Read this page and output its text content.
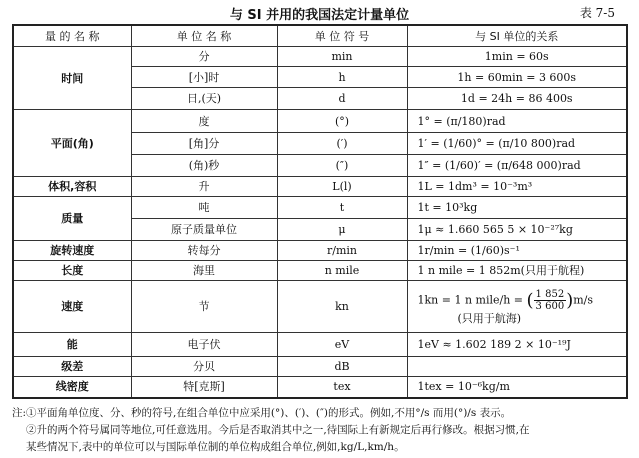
与 SI 并用的我国法定计量单位	表 7-5
量 的 名 称	单 位 名 称	单 位 符 号	与 SI 单位的关系
时间	分	min	1min = 60s
	[小]时	h	1h = 60min = 3 600s
	日,(天)	d	1d = 24h = 86 400s
平面(角)	度	(°)	1° = (π/180)rad
	[角]分	(′)	1′ = (1/60)° = (π/10 800)rad
	(角)秒	(″)	1″ = (1/60)′ = (π/648 000)rad
体积,容积	升	L(l)	1L = 1dm³ = 10⁻³m³
质量	吨	t	1t = 10³kg
	原子质量单位	μ	1μ ≈ 1.660 565 5 × 10⁻²⁷kg
旋转速度	转每分	r/min	1r/min = (1/60)s⁻¹
长度	海里	n mile	1 n mile = 1 852m(只用于航程)
速度	节	kn	1kn = 1 n mile/h = ( $\frac{1 852}{3 600} )m/s$
(只用于航海)

能	电子伏	eV	1eV ≈ 1.602 189 2 × 10⁻¹⁹J
级差	分贝	dB	
线密度	特[克斯]	tex	1tex = 10⁻⁶kg/m
注:①平面角单位度、分、秒的符号,在组合单位中应采用(°)、(′)、(″)的形式。例如,不用°/s 而用(°)/s 表示。
②升的两个符号属同等地位,可任意选用。今后是否取消其中之一,待国际上有新规定后再行修改。根据习惯,在
某些情况下,表中的单位可以与国际单位制的单位构成组合单位,例如,kg/L,km/h。
